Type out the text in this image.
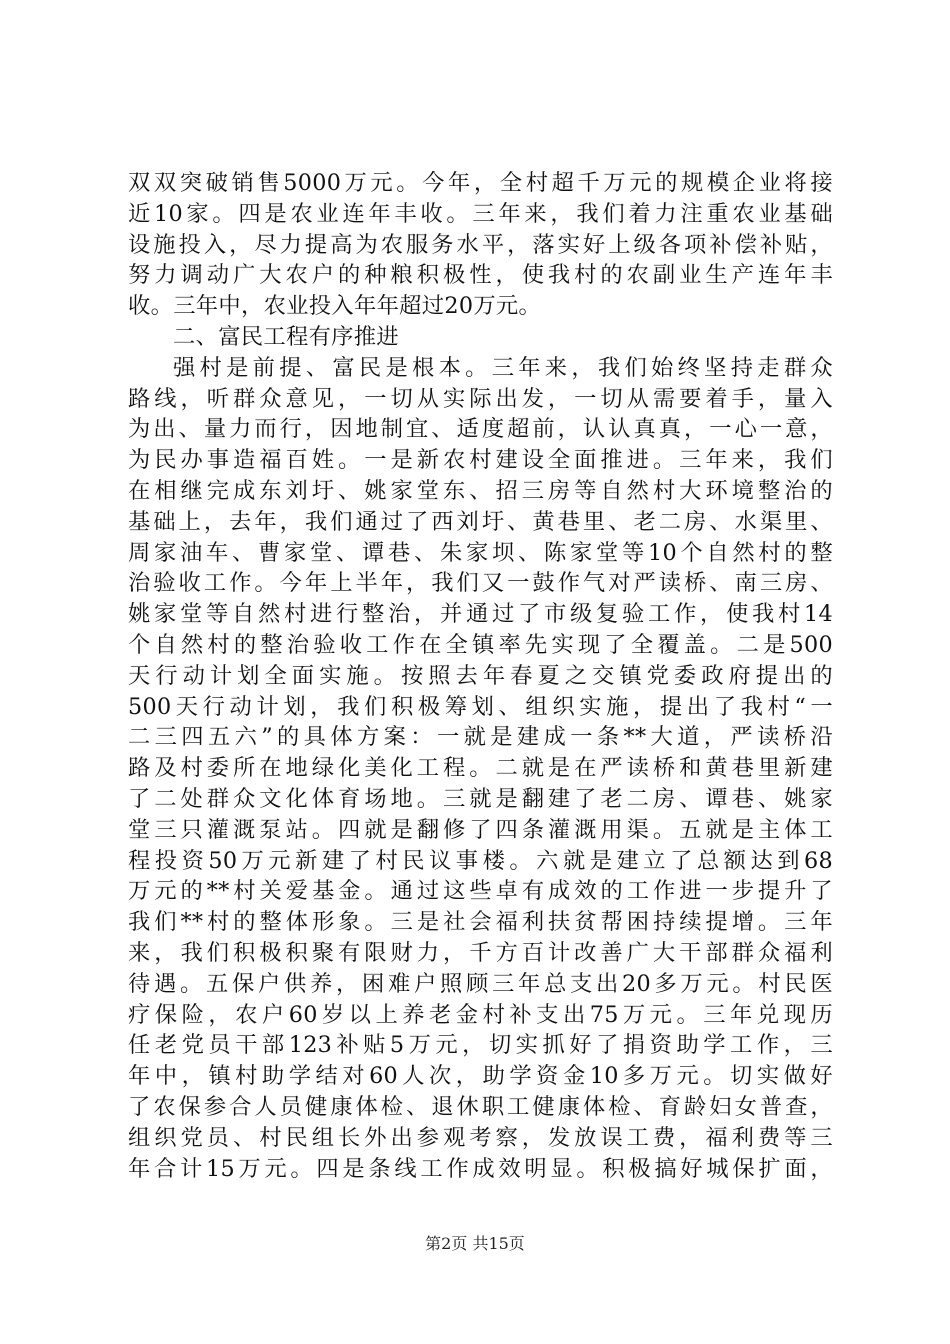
双双突破销售5000万元。今年，全村超千万元的规模企业将接
近10家。四是农业连年丰收。三年来，我们着力注重农业基础
设施投入，尽力提高为农服务水平，落实好上级各项补偿补贴，
努力调动广大农户的种粮积极性，使我村的农副业生产连年丰
收。三年中，农业投入年年超过20万元。
二、富民工程有序推进
强村是前提、富民是根本。三年来，我们始终坚持走群众
路线，听群众意见，一切从实际出发，一切从需要着手，量入
为出、量力而行，因地制宜、适度超前，认认真真，一心一意，
为民办事造福百姓。一是新农村建设全面推进。三年来，我们
在相继完成东刘圩、姚家堂东、招三房等自然村大环境整治的
基础上，去年，我们通过了西刘圩、黄巷里、老二房、水渠里、
周家油车、曹家堂、谭巷、朱家坝、陈家堂等10个自然村的整
治验收工作。今年上半年，我们又一鼓作气对严读桥、南三房、
姚家堂等自然村进行整治，并通过了市级复验工作，使我村14
个自然村的整治验收工作在全镇率先实现了全覆盖。二是500
天行动计划全面实施。按照去年春夏之交镇党委政府提出的
500天行动计划，我们积极筹划、组织实施，提出了我村“一
二三四五六”的具体方案：一就是建成一条**大道，严读桥沿
路及村委所在地绿化美化工程。二就是在严读桥和黄巷里新建
了二处群众文化体育场地。三就是翻建了老二房、谭巷、姚家
堂三只灌溉泵站。四就是翻修了四条灌溉用渠。五就是主体工
程投资50万元新建了村民议事楼。六就是建立了总额达到68
万元的**村关爱基金。通过这些卓有成效的工作进一步提升了
我们**村的整体形象。三是社会福利扶贫帮困持续提增。三年
来，我们积极积聚有限财力，千方百计改善广大干部群众福利
待遇。五保户供养，困难户照顾三年总支出20多万元。村民医
疗保险，农户60岁以上养老金村补支出75万元。三年兑现历
任老党员干部123补贴5万元，切实抓好了捐资助学工作，三
年中，镇村助学结对60人次，助学资金10多万元。切实做好
了农保参合人员健康体检、退休职工健康体检、育龄妇女普查，
组织党员、村民组长外出参观考察，发放误工费，福利费等三
年合计15万元。四是条线工作成效明显。积极搞好城保扩面，
第2页 共15页
